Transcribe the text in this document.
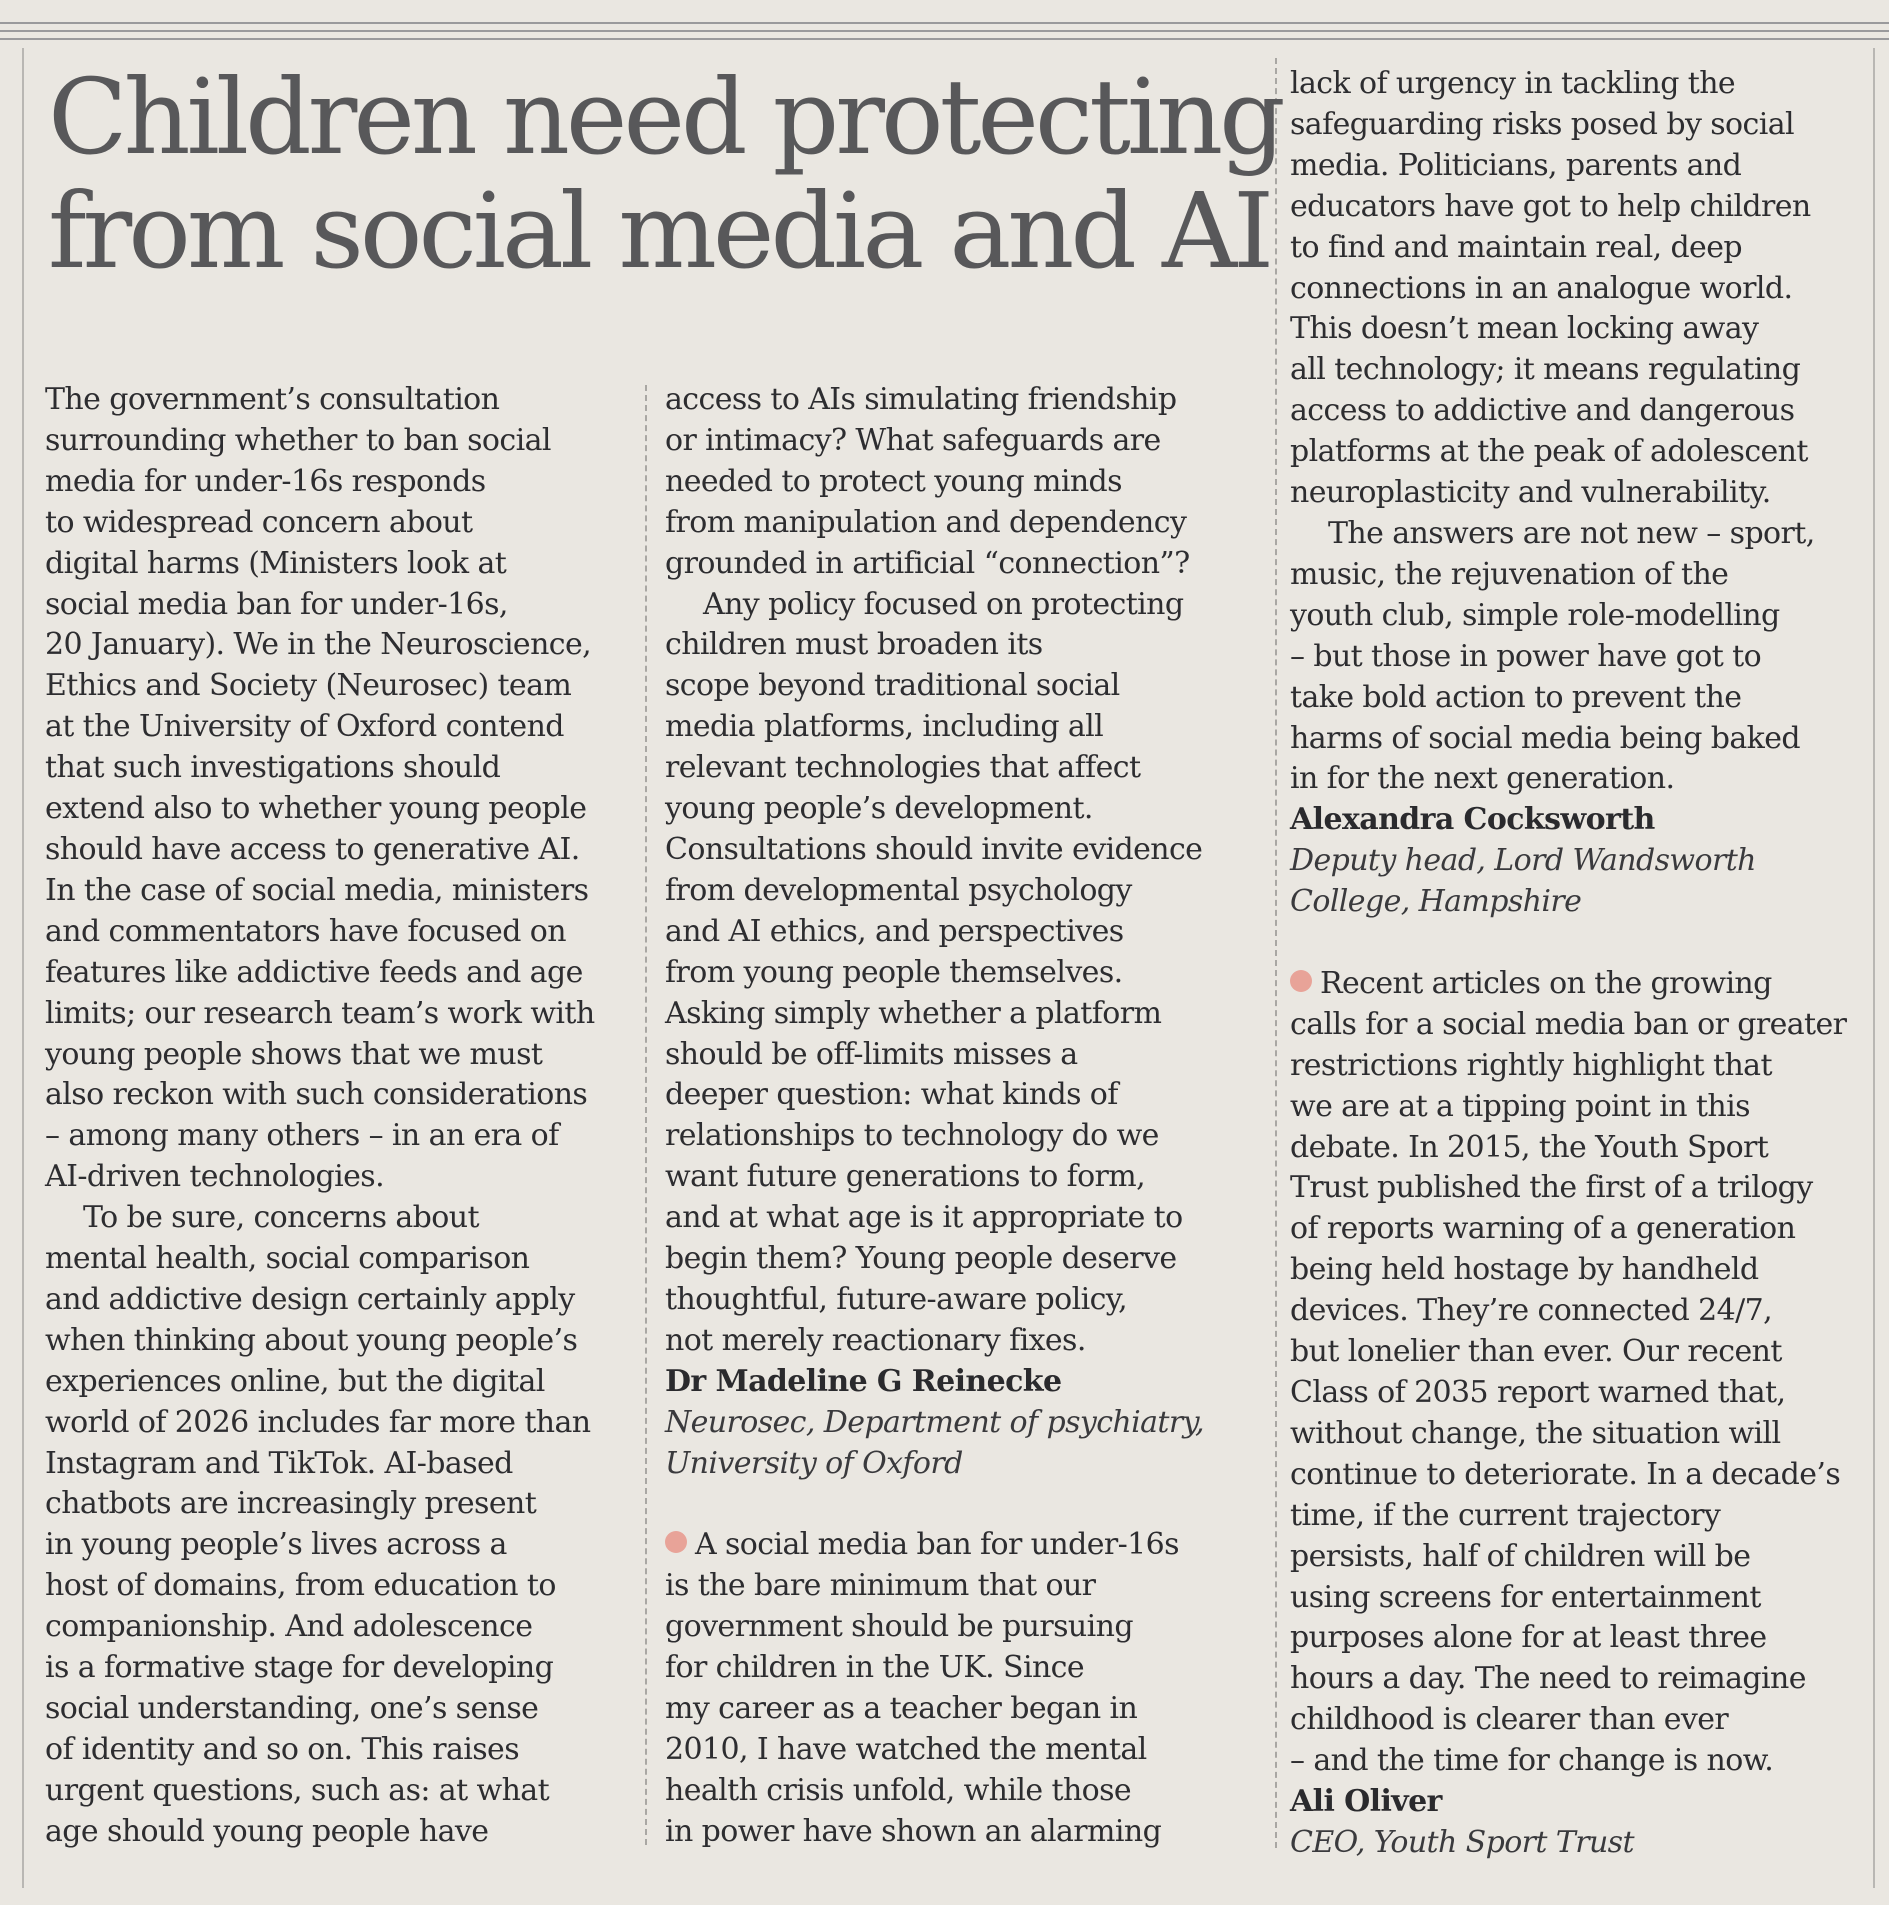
Children need protecting
from social media and AI

The government’s consultation
surrounding whether to ban social
media for under-16s responds
to widespread concern about
digital harms (Ministers look at
social media ban for under-16s,
20 January). We in the Neuroscience,
Ethics and Society (Neurosec) team
at the University of Oxford contend
that such investigations should
extend also to whether young people
should have access to generative AI.
In the case of social media, ministers
and commentators have focused on
features like addictive feeds and age
limits; our research team’s work with
young people shows that we must
also reckon with such considerations
– among many others – in an era of
AI-driven technologies.

To be sure, concerns about
mental health, social comparison
and addictive design certainly apply
when thinking about young people’s
experiences online, but the digital
world of 2026 includes far more than
Instagram and TikTok. AI-based
chatbots are increasingly present
in young people’s lives across a
host of domains, from education to
companionship. And adolescence
is a formative stage for developing
social understanding, one’s sense
of identity and so on. This raises
urgent questions, such as: at what
age should young people have

access to AIs simulating friendship
or intimacy? What safeguards are
needed to protect young minds
from manipulation and dependency
grounded in artificial “connection”?

Any policy focused on protecting
children must broaden its
scope beyond traditional social
media platforms, including all
relevant technologies that affect
young people’s development.
Consultations should invite evidence
from developmental psychology
and AI ethics, and perspectives
from young people themselves.
Asking simply whether a platform
should be off-limits misses a
deeper question: what kinds of
relationships to technology do we
want future generations to form,
and at what age is it appropriate to
begin them? Young people deserve
thoughtful, future-aware policy,
not merely reactionary fixes.

Dr Madeline G Reinecke
Neurosec, Department of psychiatry,
University of Oxford

A social media ban for under-16s
is the bare minimum that our
government should be pursuing
for children in the UK. Since
my career as a teacher began in
2010, I have watched the mental
health crisis unfold, while those
in power have shown an alarming

lack of urgency in tackling the
safeguarding risks posed by social
media. Politicians, parents and
educators have got to help children
to find and maintain real, deep
connections in an analogue world.
This doesn’t mean locking away
all technology; it means regulating
access to addictive and dangerous
platforms at the peak of adolescent
neuroplasticity and vulnerability.

The answers are not new – sport,
music, the rejuvenation of the
youth club, simple role-modelling
– but those in power have got to
take bold action to prevent the
harms of social media being baked
in for the next generation.

Alexandra Cocksworth
Deputy head, Lord Wandsworth
College, Hampshire

Recent articles on the growing
calls for a social media ban or greater
restrictions rightly highlight that
we are at a tipping point in this
debate. In 2015, the Youth Sport
Trust published the first of a trilogy
of reports warning of a generation
being held hostage by handheld
devices. They’re connected 24/7,
but lonelier than ever. Our recent
Class of 2035 report warned that,
without change, the situation will
continue to deteriorate. In a decade’s
time, if the current trajectory
persists, half of children will be
using screens for entertainment
purposes alone for at least three
hours a day. The need to reimagine
childhood is clearer than ever
– and the time for change is now.

Ali Oliver
CEO, Youth Sport Trust
